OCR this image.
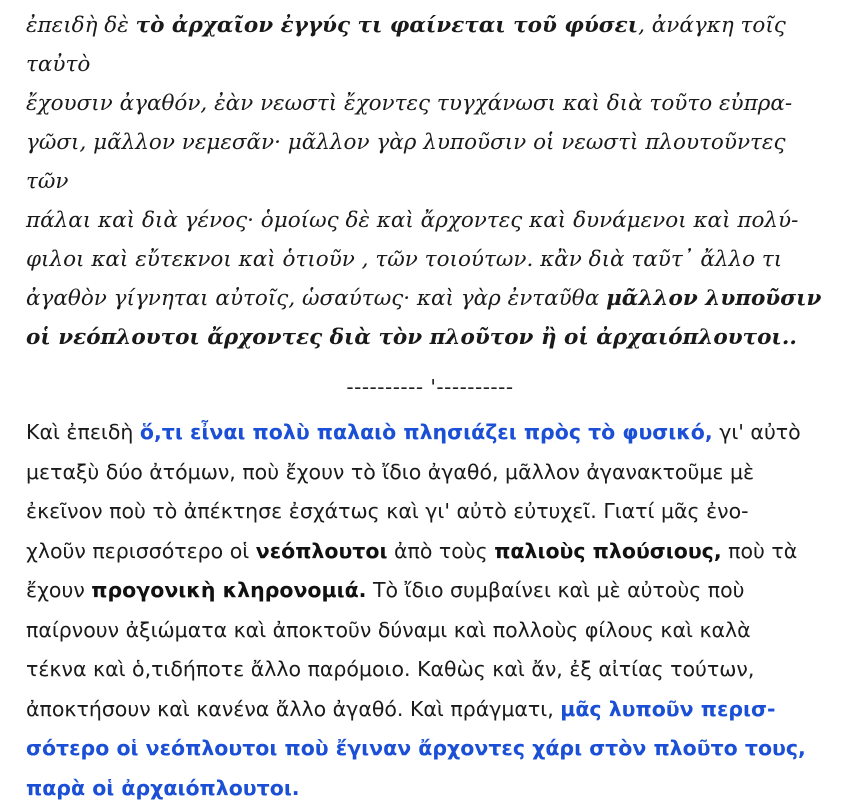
ἐπειδὴ δὲ τὸ ἀρχαῖον ἐγγύς τι φαίνεται τοῦ φύσει, ἀνάγκη τοῖς ταὐτὸ
ἔχουσιν ἀγαθόν, ἐὰν νεωστὶ ἔχοντες τυγχάνωσι καὶ διὰ τοῦτο εὐπρα-
γῶσι, μᾶλλον νεμεσᾶν· μᾶλλον γὰρ λυποῦσιν οἱ νεωστὶ πλουτοῦντες τῶν
πάλαι καὶ διὰ γένος· ὁμοίως δὲ καὶ ἄρχοντες καὶ δυνάμενοι καὶ πολύ-
φιλοι καὶ εὔτεκνοι καὶ ὁτιοῦν , τῶν τοιούτων. κἂν διὰ ταῦτ᾽ ἄλλο τι
ἀγαθὸν γίγνηται αὐτοῖς, ὡσαύτως· καὶ γὰρ ἐνταῦθα μᾶλλον λυποῦσιν
οἱ νεόπλουτοι ἄρχοντες διὰ τὸν πλοῦτον ἢ οἱ ἀρχαιόπλουτοι..
---------- '----------
Καὶ ἐπειδὴ ὅ,τι εἶναι πολὺ παλαιὸ πλησιάζει πρὸς τὸ φυσικό, γι' αὐτὸ
μεταξὺ δύο ἀτόμων, ποὺ ἔχουν τὸ ἴδιο ἀγαθό, μᾶλλον ἀγανακτοῦμε μὲ
ἐκεῖνον ποὺ τὸ ἀπέκτησε ἐσχάτως καὶ γι' αὐτὸ εὐτυχεῖ. Γιατί μᾶς ἐνο-
χλοῦν περισσότερο οἱ νεόπλουτοι ἀπὸ τοὺς παλιοὺς πλούσιους, ποὺ τὰ
ἔχουν προγονικὴ κληρονομιά. Τὸ ἴδιο συμβαίνει καὶ μὲ αὐτοὺς ποὺ
παίρνουν ἀξιώματα καὶ ἀποκτοῦν δύναμι καὶ πολλοὺς φίλους καὶ καλὰ
τέκνα καὶ ὁ,τιδήποτε ἄλλο παρόμοιο. Καθὼς καὶ ἄν, ἐξ αἰτίας τούτων,
ἀποκτήσουν καὶ κανένα ἄλλο ἀγαθό. Καὶ πράγματι, μᾶς λυποῦν περισ-
σότερο οἱ νεόπλουτοι ποὺ ἔγιναν ἄρχοντες χάρι στὸν πλοῦτο τους,
παρὰ οἱ ἀρχαιόπλουτοι.
